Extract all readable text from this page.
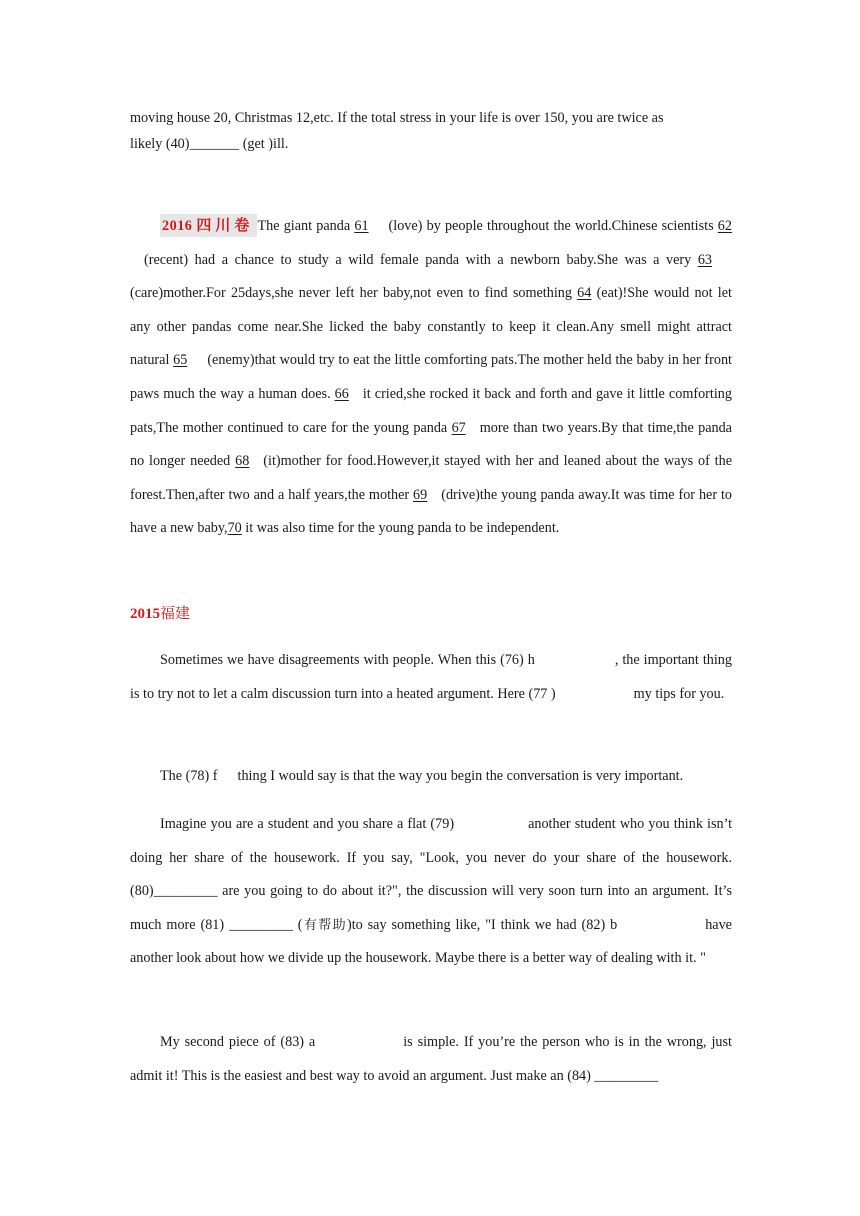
moving house 20, Christmas 12,etc. If the total stress in your life is over 150, you are twice as
likely (40)_______ (get )ill.
2016 四川卷 The giant panda 61 (love) by people throughout the world.Chinese scientists 62(recent) had a chance to study a wild female panda with a newborn baby.She was a very 63(care)mother.For 25days,she never left her baby,not even to find something 64 (eat)!She would not let any other pandas come near.She licked the baby constantly to keep it clean.Any smell might attract natural 65 (enemy)that would try to eat the little comforting pats.The mother held the baby in her front paws much the way a human does. 66 it cried,she rocked it back and forth and gave it little comforting pats,The mother continued to care for the young panda 67 more than two years.By that time,the panda no longer needed 68 (it)mother for food.However,it stayed with her and leaned about the ways of the forest.Then,after two and a half years,the mother 69 (drive)the young panda away.It was time for her to have a new baby,70 it was also time for the young panda to be independent.
2015福建
Sometimes we have disagreements with people. When this (76) h	, the important thing is to try not to let a calm discussion turn into a heated argument. Here (77 )	my tips for you.
The (78) f thing I would say is that the way you begin the conversation is very important.
Imagine you are a student and you share a flat (79)	another student who you think isn’t doing her share of the housework. If you say, "Look, you never do your share of the housework. (80)_________ are you going to do about it?", the discussion will very soon turn into an argument. It’s much more (81) _________ (有帮助)to say something like, "I think we had (82) b	have another look about how we divide up the housework. Maybe there is a better way of dealing with it. "
My second piece of (83) a	is simple. If you’re the person who is in the wrong, just admit it! This is the easiest and best way to avoid an argument. Just make an (84) _________
